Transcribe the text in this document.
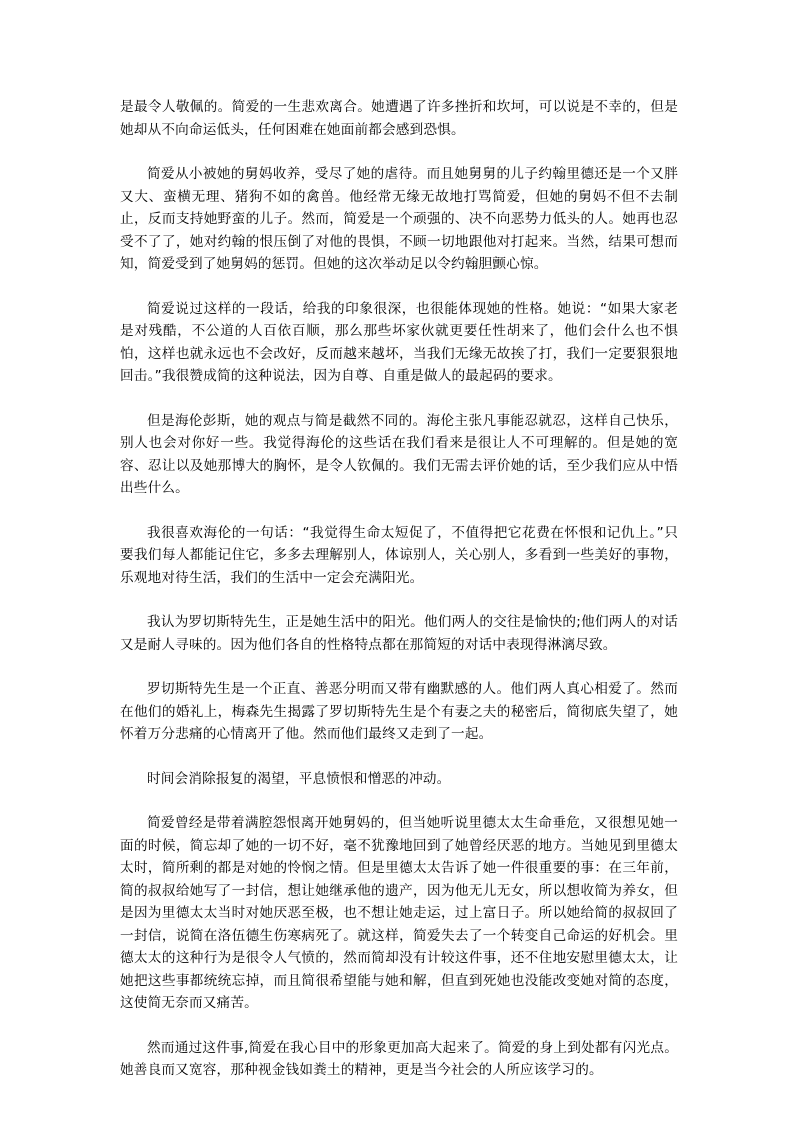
是最令人敬佩的。简爱的一生悲欢离合。她遭遇了许多挫折和坎坷，可以说是不幸的，但是她却从不向命运低头，任何困难在她面前都会感到恐惧。

简爱从小被她的舅妈收养，受尽了她的虐待。而且她舅舅的儿子约翰里德还是一个又胖又大、蛮横无理、猪狗不如的禽兽。他经常无缘无故地打骂简爱，但她的舅妈不但不去制止，反而支持她野蛮的儿子。然而，简爱是一个顽强的、决不向恶势力低头的人。她再也忍受不了了，她对约翰的恨压倒了对他的畏惧，不顾一切地跟他对打起来。当然，结果可想而知，简爱受到了她舅妈的惩罚。但她的这次举动足以令约翰胆颤心惊。

简爱说过这样的一段话，给我的印象很深，也很能体现她的性格。她说：“如果大家老是对残酷，不公道的人百依百顺，那么那些坏家伙就更要任性胡来了，他们会什么也不惧怕，这样也就永远也不会改好，反而越来越坏，当我们无缘无故挨了打，我们一定要狠狠地回击。”我很赞成简的这种说法，因为自尊、自重是做人的最起码的要求。

但是海伦彭斯，她的观点与简是截然不同的。海伦主张凡事能忍就忍，这样自己快乐，别人也会对你好一些。我觉得海伦的这些话在我们看来是很让人不可理解的。但是她的宽容、忍让以及她那博大的胸怀，是令人钦佩的。我们无需去评价她的话，至少我们应从中悟出些什么。

我很喜欢海伦的一句话：“我觉得生命太短促了，不值得把它花费在怀恨和记仇上。”只要我们每人都能记住它，多多去理解别人，体谅别人，关心别人，多看到一些美好的事物，乐观地对待生活，我们的生活中一定会充满阳光。

我认为罗切斯特先生，正是她生活中的阳光。他们两人的交往是愉快的;他们两人的对话又是耐人寻味的。因为他们各自的性格特点都在那简短的对话中表现得淋漓尽致。

罗切斯特先生是一个正直、善恶分明而又带有幽默感的人。他们两人真心相爱了。然而在他们的婚礼上，梅森先生揭露了罗切斯特先生是个有妻之夫的秘密后，简彻底失望了，她怀着万分悲痛的心情离开了他。然而他们最终又走到了一起。

时间会消除报复的渴望，平息愤恨和憎恶的冲动。

简爱曾经是带着满腔怨恨离开她舅妈的，但当她听说里德太太生命垂危，又很想见她一面的时候，简忘却了她的一切不好，毫不犹豫地回到了她曾经厌恶的地方。当她见到里德太太时，简所剩的都是对她的怜悯之情。但是里德太太告诉了她一件很重要的事：在三年前，简的叔叔给她写了一封信，想让她继承他的遗产，因为他无儿无女，所以想收简为养女，但是因为里德太太当时对她厌恶至极，也不想让她走运，过上富日子。所以她给简的叔叔回了一封信，说简在洛伍德生伤寒病死了。就这样，简爱失去了一个转变自己命运的好机会。里德太太的这种行为是很令人气愤的，然而简却没有计较这件事，还不住地安慰里德太太，让她把这些事都统统忘掉，而且简很希望能与她和解，但直到死她也没能改变她对简的态度，这使简无奈而又痛苦。

然而通过这件事,简爱在我心目中的形象更加高大起来了。简爱的身上到处都有闪光点。她善良而又宽容，那种视金钱如粪土的精神，更是当今社会的人所应该学习的。
